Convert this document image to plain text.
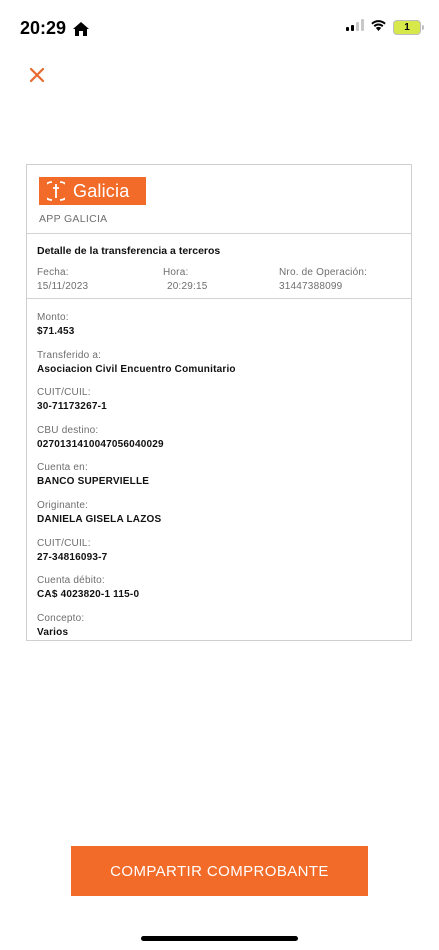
20:29	1
Galicia
APP GALICIA
Detalle de la transferencia a terceros
Fecha:
15/11/2023
Hora:
20:29:15
Nro. de Operación:
31447388099
Monto:
$71.453
Transferido a:
Asociacion Civil Encuentro Comunitario
CUIT/CUIL:
30-71173267-1
CBU destino:
0270131410047056040029
Cuenta en:
BANCO SUPERVIELLE
Originante:
DANIELA GISELA LAZOS
CUIT/CUIL:
27-34816093-7
Cuenta débito:
CA$ 4023820-1 115-0
Concepto:
Varios
COMPARTIR COMPROBANTE
